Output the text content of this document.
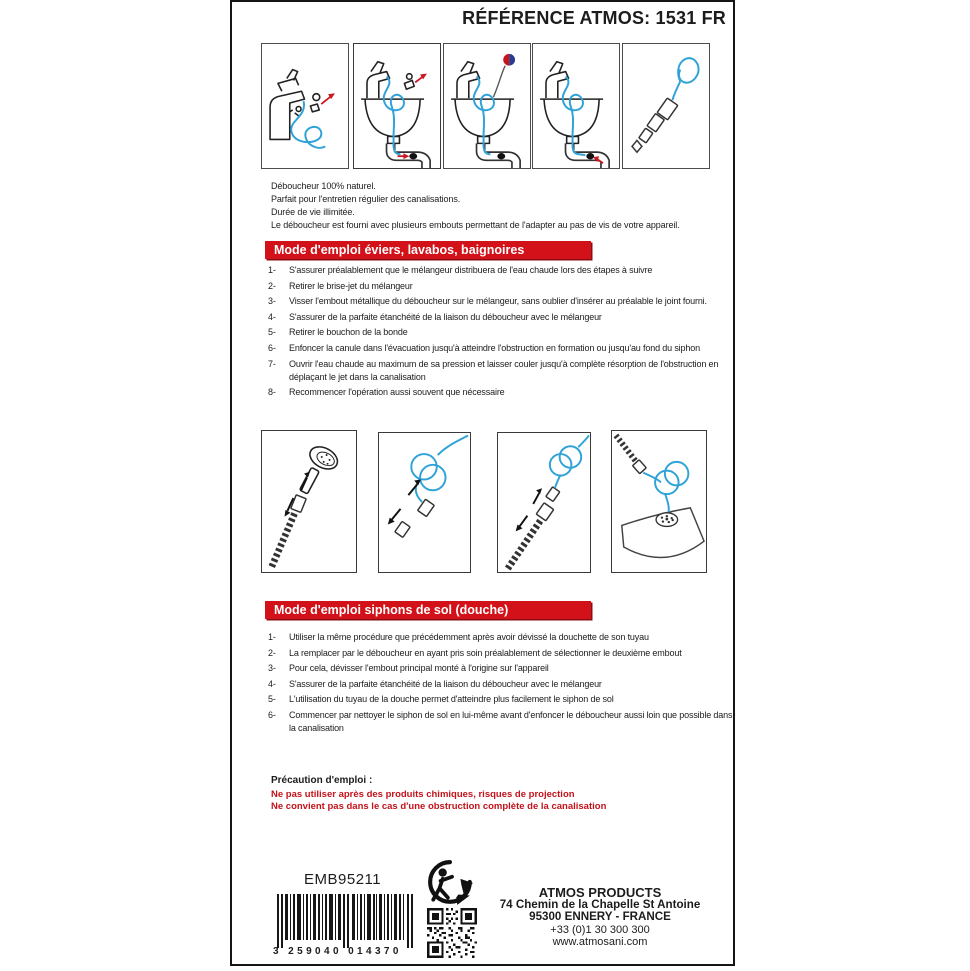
RÉFÉRENCE ATMOS: 1531 FR
Déboucheur 100% naturel.
Parfait pour l'entretien régulier des canalisations.
Durée de vie illimitée.
Le déboucheur est fourni avec plusieurs embouts permettant de l'adapter au pas de vis de votre appareil.
Mode d'emploi éviers, lavabos, baignoires
1-	S'assurer préalablement que le mélangeur distribuera de l'eau chaude lors des étapes à suivre
2-	Retirer le brise-jet du mélangeur
3-	Visser l'embout métallique du déboucheur sur le mélangeur, sans oublier d'insérer au préalable le joint fourni.
4-	S'assurer de la parfaite étanchéité de la liaison du déboucheur avec le mélangeur
5-	Retirer le bouchon de la bonde
6-	Enfoncer la canule dans l'évacuation jusqu'à atteindre l'obstruction en formation ou jusqu'au fond du siphon
7-	Ouvrir l'eau chaude au maximum de sa pression et laisser couler jusqu'à complète résorption de l'obstruction en déplaçant le jet dans la canalisation
8-	Recommencer l'opération aussi souvent que nécessaire
Mode d'emploi siphons de sol (douche)
1-	Utiliser la même procédure que précédemment après avoir dévissé la douchette de son tuyau
2-	La remplacer par le déboucheur en ayant pris soin préalablement de sélectionner le deuxième embout
3-	Pour cela, dévisser l'embout principal monté à l'origine sur l'appareil
4-	S'assurer de la parfaite étanchéité de la liaison du déboucheur avec le mélangeur
5-	L'utilisation du tuyau de la douche permet d'atteindre plus facilement le siphon de sol
6-	Commencer par nettoyer le siphon de sol en lui-même avant d'enfoncer le déboucheur aussi loin que possible dans la canalisation
Précaution d'emploi :
Ne pas utiliser après des produits chimiques, risques de projection
Ne convient pas dans le cas d'une obstruction complète de la canalisation
EMB95211
3 259040 014370
ATMOS PRODUCTS
74 Chemin de la Chapelle St Antoine
95300 ENNERY - FRANCE
+33 (0)1 30 300 300
www.atmosani.com
